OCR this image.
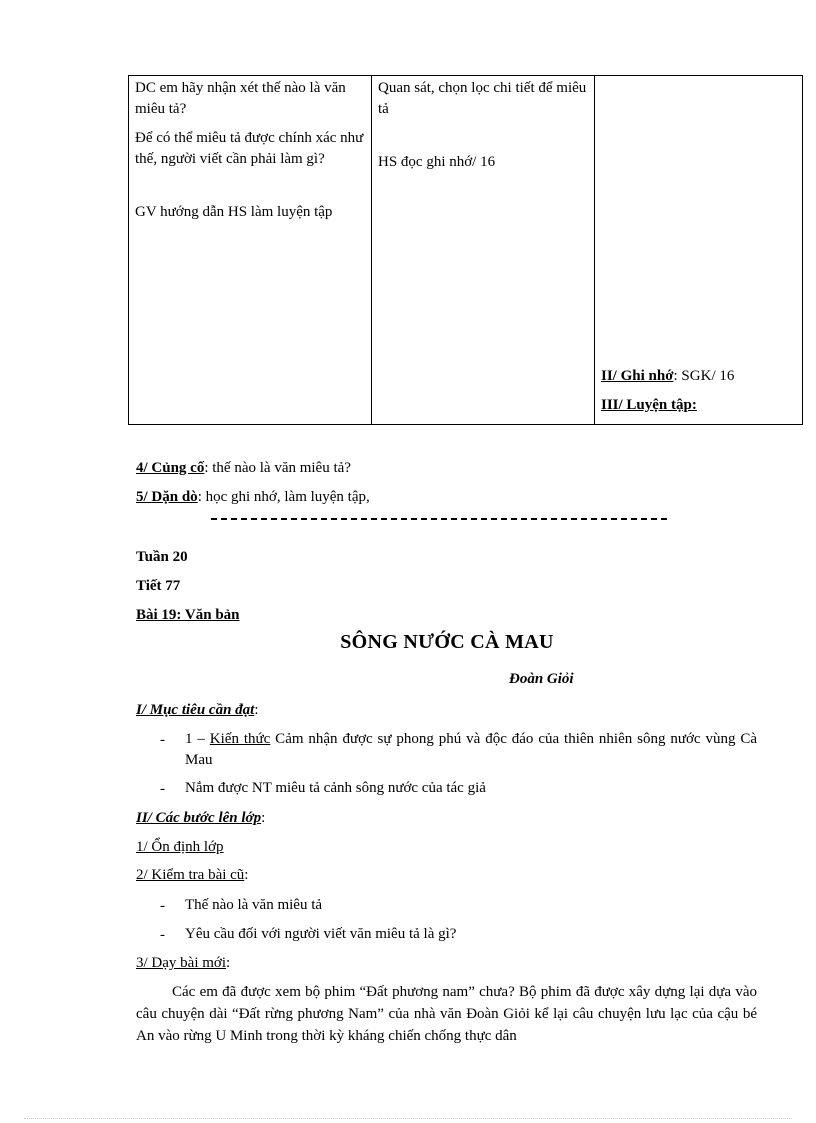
DC em hãy nhận xét thế nào là văn miêu tả?

Để có thể miêu tả được chính xác như thế, người viết cần phải làm gì?

GV hướng dẫn HS làm luyện tập

Quan sát, chọn lọc chi tiết để miêu tả

HS đọc ghi nhớ/ 16

II/ Ghi nhớ: SGK/ 16

III/ Luyện tập:

4/ Củng cố: thế nào là văn miêu tả?
5/ Dặn dò: học ghi nhớ, làm luyện tập,
Tuần 20
Tiết 77
Bài 19: Văn bản
SÔNG NƯỚC CÀ MAU
Đoàn Giỏi
I/ Mục tiêu cần đạt:
- 1 – Kiến thức Cảm nhận được sự phong phú và độc đáo của thiên nhiên sông nước vùng Cà Mau
- Nắm được NT miêu tả cảnh sông nước của tác giả
II/ Các bước lên lớp:
1/ Ổn định lớp
2/ Kiểm tra bài cũ:
- Thế nào là văn miêu tả
- Yêu cầu đối với người viết văn miêu tả là gì?
3/ Dạy bài mới:
Các em đã được xem bộ phim “Đất phương nam” chưa? Bộ phim đã được xây dựng lại dựa vào câu chuyện dài “Đất rừng phương Nam” của nhà văn Đoàn Giỏi kể lại câu chuyện lưu lạc của cậu bé An vào rừng U Minh trong thời kỳ kháng chiến chống thực dân
